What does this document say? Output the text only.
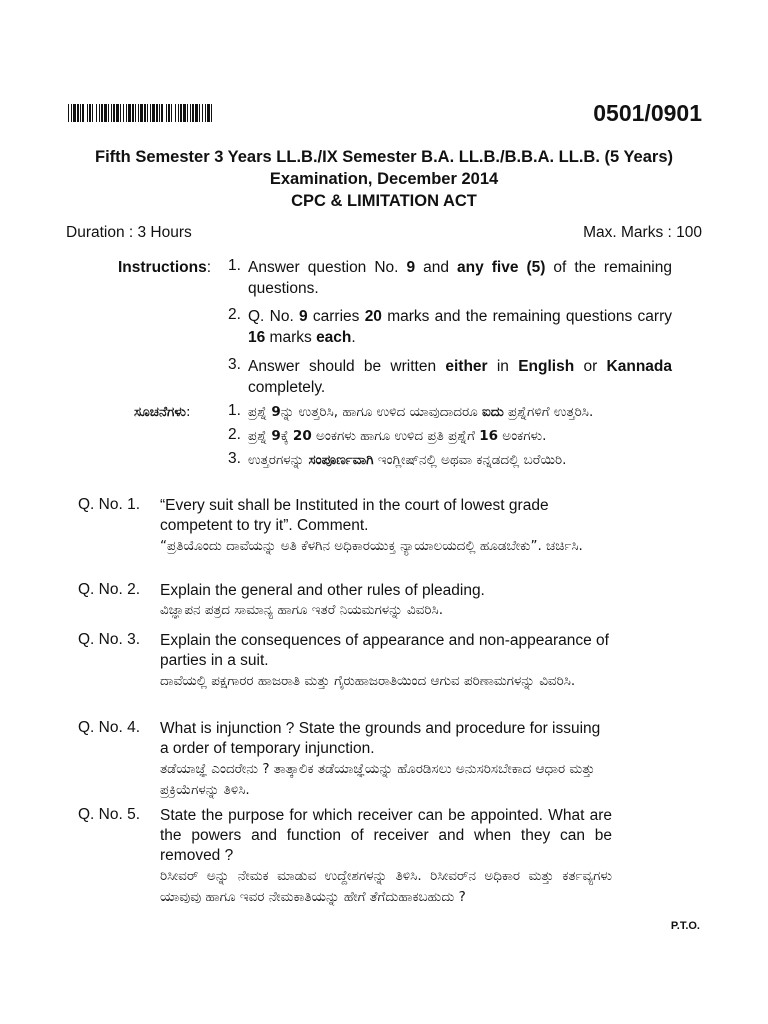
0501/0901
Fifth Semester 3 Years LL.B./IX Semester B.A. LL.B./B.B.A. LL.B. (5 Years)
Examination, December 2014
CPC & LIMITATION ACT
Duration : 3 Hours	Max. Marks : 100
Instructions: 1. Answer question No. 9 and any five (5) of the remaining questions.
2. Q. No. 9 carries 20 marks and the remaining questions carry 16 marks each.
3. Answer should be written either in English or Kannada completely.
ಸೂಚನೆಗಳು: 1. ಪ್ರಶ್ನೆ 9ನ್ನು ಉತ್ತರಿಸಿ, ಹಾಗೂ ಉಳಿದ ಯಾವುದಾದರೂ ಐದು ಪ್ರಶ್ನೆಗಳಿಗೆ ಉತ್ತರಿಸಿ.
2. ಪ್ರಶ್ನೆ 9ಕ್ಕೆ 20 ಅಂಕಗಳು ಹಾಗೂ ಉಳಿದ ಪ್ರತಿ ಪ್ರಶ್ನೆಗೆ 16 ಅಂಕಗಳು.
3. ಉತ್ತರಗಳನ್ನು ಸಂಪೂರ್ಣವಾಗಿ ಇಂಗ್ಲೀಷ್‌ನಲ್ಲಿ ಅಥವಾ ಕನ್ನಡದಲ್ಲಿ ಬರೆಯಿರಿ.
Q. No. 1. “Every suit shall be Instituted in the court of lowest grade competent to try it”. Comment.
“ಪ್ರತಿಯೊಂದು ದಾವೆಯನ್ನು ಅತಿ ಕೆಳಗಿನ ಅಧಿಕಾರಯುಕ್ತ ನ್ಯಾಯಾಲಯದಲ್ಲಿ ಹೂಡಬೇಕು”. ಚರ್ಚಿಸಿ.
Q. No. 2. Explain the general and other rules of pleading.
ವಿಜ್ಞಾಪನ ಪತ್ರದ ಸಾಮಾನ್ಯ ಹಾಗೂ ಇತರೆ ನಿಯಮಗಳನ್ನು ವಿವರಿಸಿ.
Q. No. 3. Explain the consequences of appearance and non-appearance of parties in a suit.
ದಾವೆಯಲ್ಲಿ ಪಕ್ಷಗಾರರ ಹಾಜರಾತಿ ಮತ್ತು ಗೈರುಹಾಜರಾತಿಯಿಂದ ಆಗುವ ಪರಿಣಾಮಗಳನ್ನು ವಿವರಿಸಿ.
Q. No. 4. What is injunction ? State the grounds and procedure for issuing a order of temporary injunction.
ತಡೆಯಾಜ್ಞೆ ಎಂದರೇನು ? ತಾತ್ಕಾಲಿಕ ತಡೆಯಾಜ್ಞೆಯನ್ನು ಹೊರಡಿಸಲು ಅನುಸರಿಸಬೇಕಾದ ಆಧಾರ ಮತ್ತು ಪ್ರಕ್ರಿಯೆಗಳನ್ನು ತಿಳಿಸಿ.
Q. No. 5. State the purpose for which receiver can be appointed. What are the powers and function of receiver and when they can be removed ?
ರಿಸೀವರ್ ಅನ್ನು ನೇಮಕ ಮಾಡುವ ಉದ್ದೇಶಗಳನ್ನು ತಿಳಿಸಿ. ರಿಸೀವರ್‌ನ ಅಧಿಕಾರ ಮತ್ತು ಕರ್ತವ್ಯಗಳು ಯಾವುವು ಹಾಗೂ ಇವರ ನೇಮಕಾತಿಯನ್ನು ಹೇಗೆ ತೆಗೆದುಹಾಕಬಹುದು ?
P.T.O.
